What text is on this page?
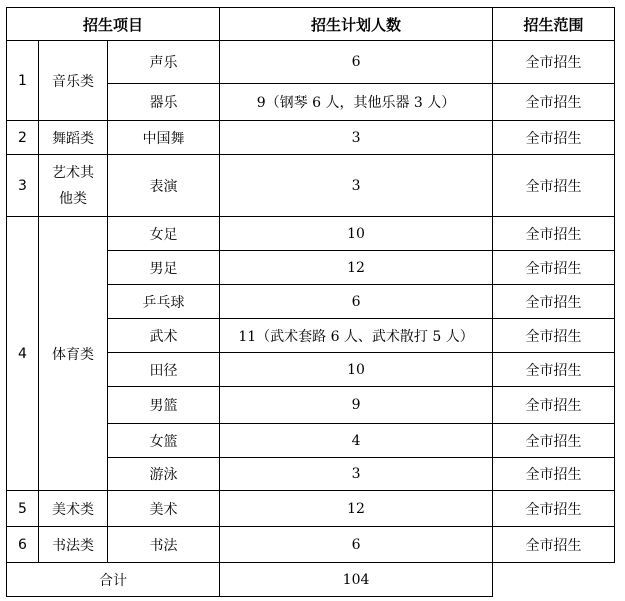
招生项目			招生计划人数	招生范围
1	音乐类	声乐	6	全市招生
		器乐	9（钢琴 6 人，其他乐器 3 人）	全市招生
2	舞蹈类	中国舞	3	全市招生
3	艺术其他类	表演	3	全市招生
4	体育类	女足	10	全市招生
		男足	12	全市招生
		乒乓球	6	全市招生
		武术	11（武术套路 6 人、武术散打 5 人）	全市招生
		田径	10	全市招生
		男篮	9	全市招生
		女篮	4	全市招生
		游泳	3	全市招生
5	美术类	美术	12	全市招生
6	书法类	书法	6	全市招生
合计			104	
